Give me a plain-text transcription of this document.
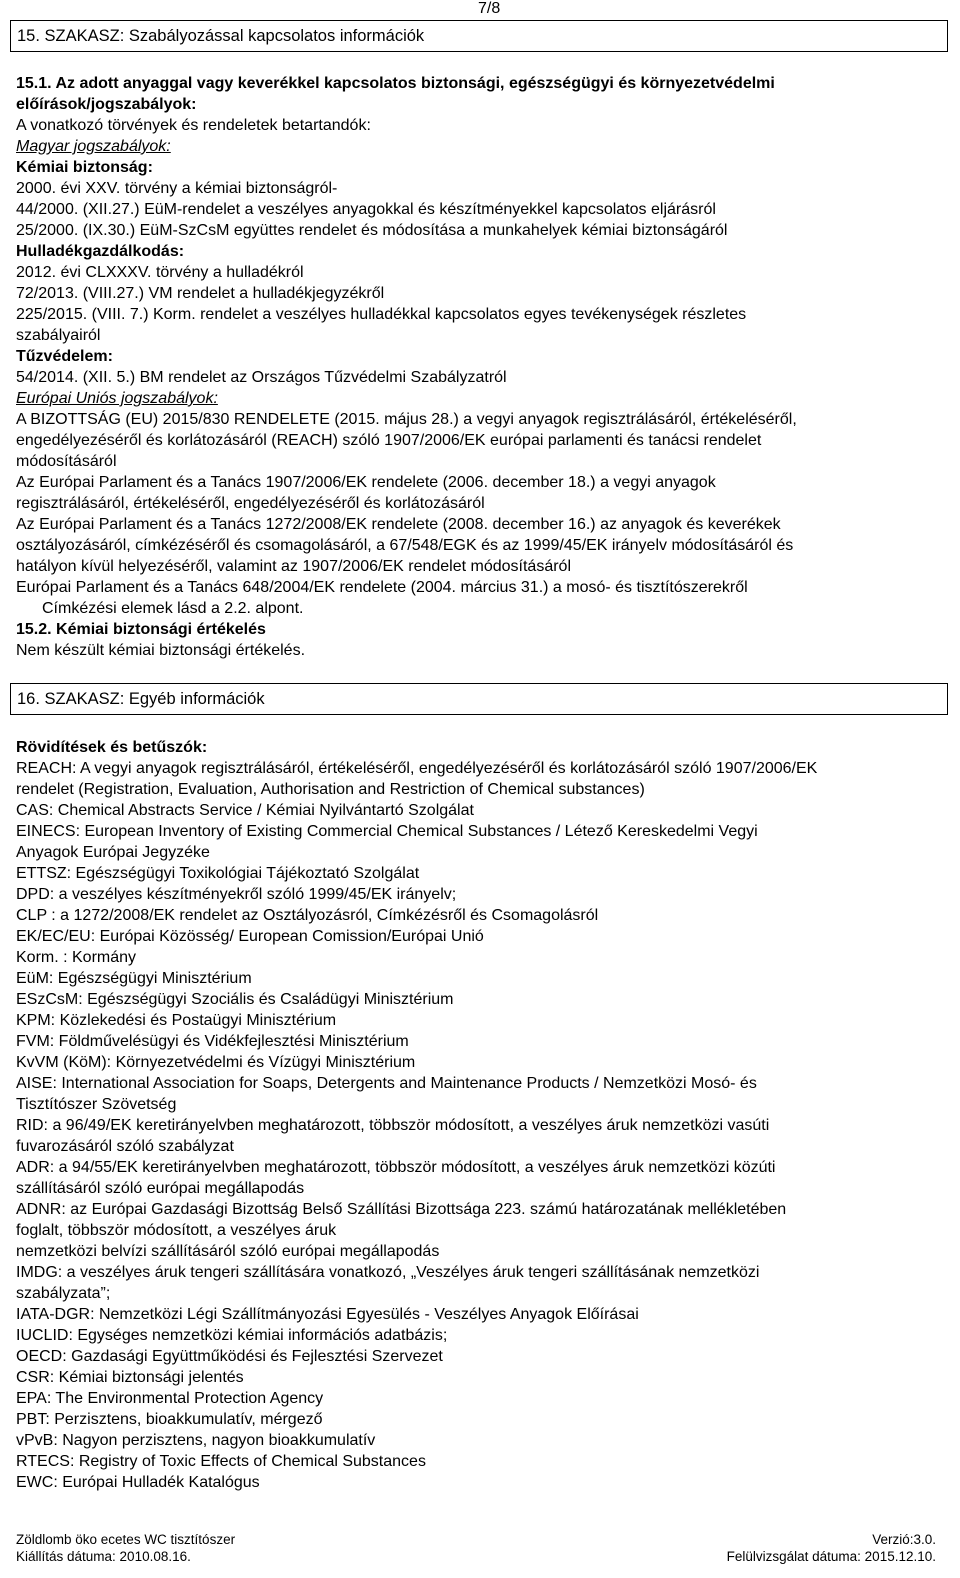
7/8
15. SZAKASZ: Szabályozással kapcsolatos információk
15.1. Az adott anyaggal vagy keverékkel kapcsolatos biztonsági, egészségügyi és környezetvédelmi
előírások/jogszabályok:
A vonatkozó törvények és rendeletek betartandók:
Magyar jogszabályok:
Kémiai biztonság:
2000. évi XXV. törvény a kémiai biztonságról-
44/2000. (XII.27.) EüM-rendelet a veszélyes anyagokkal és készítményekkel kapcsolatos eljárásról
25/2000. (IX.30.) EüM-SzCsM együttes rendelet és módosítása a munkahelyek kémiai biztonságáról
Hulladékgazdálkodás:
2012. évi CLXXXV. törvény a hulladékról
72/2013. (VIII.27.) VM rendelet a hulladékjegyzékről
225/2015. (VIII. 7.) Korm. rendelet a veszélyes hulladékkal kapcsolatos egyes tevékenységek részletes
szabályairól
Tűzvédelem:
54/2014. (XII. 5.) BM rendelet az Országos Tűzvédelmi Szabályzatról
Európai Uniós jogszabályok:
A BIZOTTSÁG (EU) 2015/830 RENDELETE (2015. május 28.) a vegyi anyagok regisztrálásáról, értékeléséről,
engedélyezéséről és korlátozásáról (REACH) szóló 1907/2006/EK európai parlamenti és tanácsi rendelet
módosításáról
Az Európai Parlament és a Tanács 1907/2006/EK rendelete (2006. december 18.) a vegyi anyagok
regisztrálásáról, értékeléséről, engedélyezéséről és korlátozásáról
Az Európai Parlament és a Tanács 1272/2008/EK rendelete (2008. december 16.) az anyagok és keverékek
osztályozásáról, címkézéséről és csomagolásáról, a 67/548/EGK és az 1999/45/EK irányelv módosításáról és
hatályon kívül helyezéséről, valamint az 1907/2006/EK rendelet módosításáról
Európai Parlament és a Tanács 648/2004/EK rendelete (2004. március 31.) a mosó- és tisztítószerekről
Címkézési elemek lásd a 2.2. alpont.
15.2. Kémiai biztonsági értékelés
Nem készült kémiai biztonsági értékelés.
16. SZAKASZ: Egyéb információk
Rövidítések és betűszók:
REACH: A vegyi anyagok regisztrálásáról, értékeléséről, engedélyezéséről és korlátozásáról szóló 1907/2006/EK
rendelet (Registration, Evaluation, Authorisation and Restriction of Chemical substances)
CAS: Chemical Abstracts Service / Kémiai Nyilvántartó Szolgálat
EINECS: European Inventory of Existing Commercial Chemical Substances / Létező Kereskedelmi Vegyi
Anyagok Európai Jegyzéke
ETTSZ: Egészségügyi Toxikológiai Tájékoztató Szolgálat
DPD: a veszélyes készítményekről szóló 1999/45/EK irányelv;
CLP : a 1272/2008/EK rendelet az Osztályozásról, Címkézésről és Csomagolásról
EK/EC/EU: Európai Közösség/ European Comission/Európai Unió
Korm. : Kormány
EüM: Egészségügyi Minisztérium
ESzCsM: Egészségügyi Szociális és Családügyi Minisztérium
KPM: Közlekedési és Postaügyi Minisztérium
FVM: Földművelésügyi és Vidékfejlesztési Minisztérium
KvVM (KöM): Környezetvédelmi és Vízügyi Minisztérium
AISE: International Association for Soaps, Detergents and Maintenance Products / Nemzetközi Mosó- és
Tisztítószer Szövetség
RID: a 96/49/EK keretirányelvben meghatározott, többször módosított, a veszélyes áruk nemzetközi vasúti
fuvarozásáról szóló szabályzat
ADR: a 94/55/EK keretirányelvben meghatározott, többször módosított, a veszélyes áruk nemzetközi közúti
szállításáról szóló európai megállapodás
ADNR: az Európai Gazdasági Bizottság Belső Szállítási Bizottsága 223. számú határozatának mellékletében
foglalt, többször módosított, a veszélyes áruk
nemzetközi belvízi szállításáról szóló európai megállapodás
IMDG: a veszélyes áruk tengeri szállítására vonatkozó, „Veszélyes áruk tengeri szállításának nemzetközi
szabályzata”;
IATA-DGR: Nemzetközi Légi Szállítmányozási Egyesülés - Veszélyes Anyagok Előírásai
IUCLID: Egységes nemzetközi kémiai információs adatbázis;
OECD: Gazdasági Együttműködési és Fejlesztési Szervezet
CSR: Kémiai biztonsági jelentés
EPA: The Environmental Protection Agency
PBT: Perzisztens, bioakkumulatív, mérgező
vPvB: Nagyon perzisztens, nagyon bioakkumulatív
RTECS: Registry of Toxic Effects of Chemical Substances
EWC: Európai Hulladék Katalógus
Zöldlomb öko ecetes WC tisztítószer	Verzió:3.0.
Kiállítás dátuma: 2010.08.16.	Felülvizsgálat dátuma: 2015.12.10.
